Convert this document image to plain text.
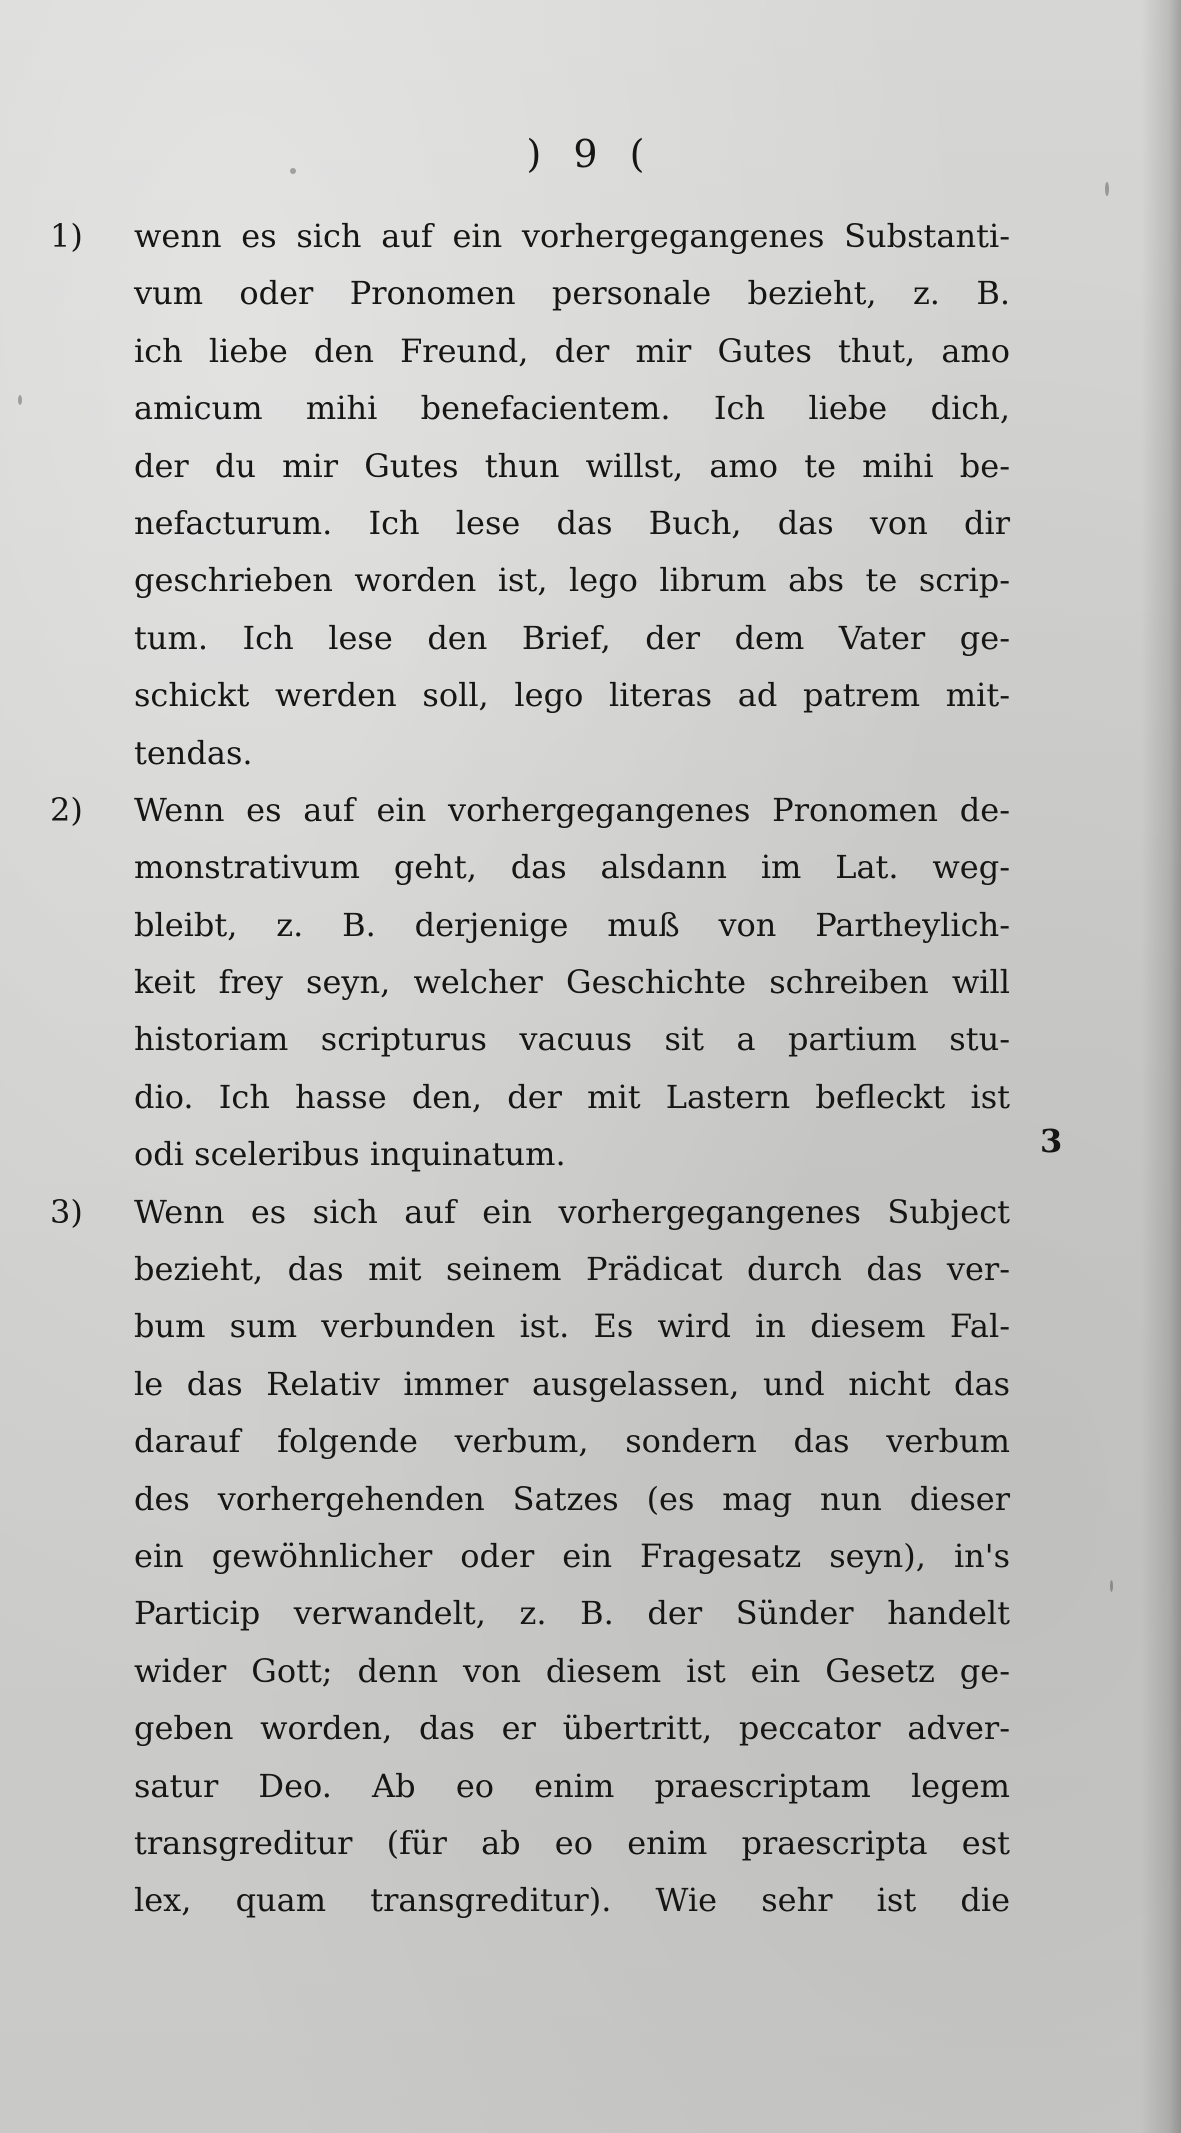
) 9 (
1) wenn es sich auf ein vorhergegangenes Substanti-
vum oder Pronomen personale bezieht, z. B.
ich liebe den Freund, der mir Gutes thut, amo
amicum mihi benefacientem. Ich liebe dich,
der du mir Gutes thun willst, amo te mihi be-
nefacturum. Ich lese das Buch, das von dir
geschrieben worden ist, lego librum abs te scrip-
tum. Ich lese den Brief, der dem Vater ge-
schickt werden soll, lego literas ad patrem mit-
tendas.
2) Wenn es auf ein vorhergegangenes Pronomen de-
monstrativum geht, das alsdann im Lat. weg-
bleibt, z. B. derjenige muß von Partheylich-
keit frey seyn, welcher Geschichte schreiben will
historiam scripturus vacuus sit a partium stu-
dio. Ich hasse den, der mit Lastern befleckt ist
odi sceleribus inquinatum.
3) Wenn es sich auf ein vorhergegangenes Subject
bezieht, das mit seinem Prädicat durch das ver-
bum sum verbunden ist. Es wird in diesem Fal-
le das Relativ immer ausgelassen, und nicht das
darauf folgende verbum, sondern das verbum
des vorhergehenden Satzes (es mag nun dieser
ein gewöhnlicher oder ein Fragesatz seyn), in's
Particip verwandelt, z. B. der Sünder handelt
wider Gott; denn von diesem ist ein Gesetz ge-
geben worden, das er übertritt, peccator adver-
satur Deo. Ab eo enim praescriptam legem
transgreditur (für ab eo enim praescripta est
lex, quam transgreditur). Wie sehr ist die
3
